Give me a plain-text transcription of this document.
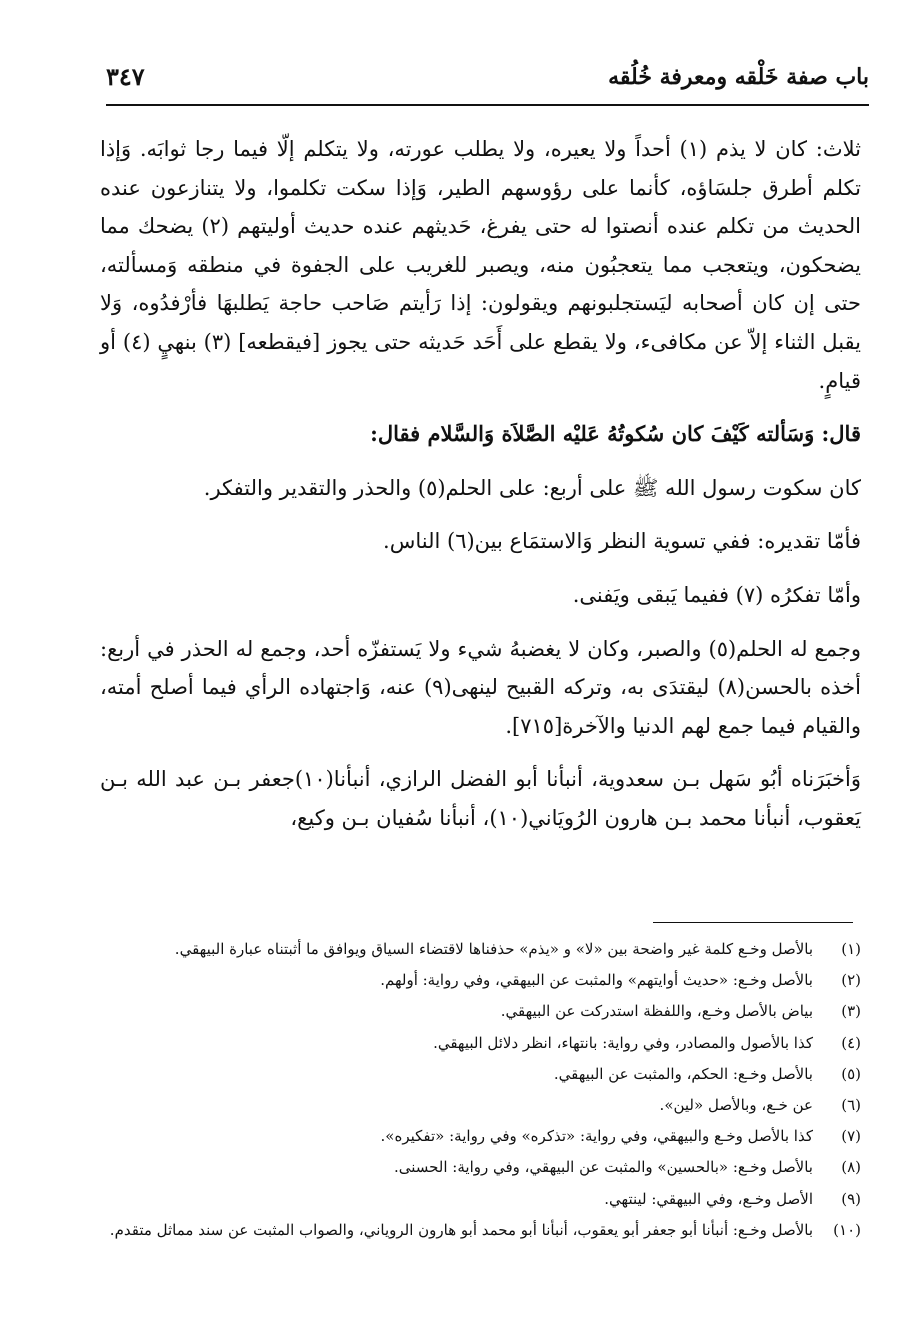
باب صفة خَلْقه ومعرفة خُلُقه
٣٤٧

ثلاث: كان لا يذم (١) أحداً ولا يعيره، ولا يطلب عورته، ولا يتكلم إلّا فيما رجا ثوابَه. وَإذا تكلم أطرق جلسَاؤه، كأنما على رؤوسهم الطير، وَإذا سكت تكلموا، ولا يتنازعون عنده الحديث من تكلم عنده أنصتوا له حتى يفرغ، حَديثهم عنده حديث أوليتهم (٢) يضحك مما يضحكون، ويتعجب مما يتعجبُون منه، ويصبر للغريب على الجفوة في منطقه وَمسألته، حتى إن كان أصحابه ليَستجلبونهم ويقولون: إذا رَأيتم صَاحب حاجة يَطلبهَا فأرْفدُوه، وَلا يقبل الثناء إلاّ عن مكافىء، ولا يقطع على أَحَد حَديثه حتى يجوز [فيقطعه] (٣) بنهيٍ (٤) أو قيامٍ.

قال: وَسَألته كَيْفَ كان سُكوتُهُ عَليْه الصَّلاَة وَالسَّلام فقال:

كان سكوت رسول الله ﷺ على أربع: على الحلم(٥) والحذر والتقدير والتفكر.

فأمّا تقديره: ففي تسوية النظر وَالاستمَاع بين(٦) الناس.

وأمّا تفكرُه (٧) ففيما يَبقى ويَفنى.

وجمع له الحلم(٥) والصبر، وكان لا يغضبهُ شيء ولا يَستفزّه أحد، وجمع له الحذر في أربع: أخذه بالحسن(٨) ليقتدَى به، وتركه القبيح لينهى(٩) عنه، وَاجتهاده الرأي فيما أصلح أمته، والقيام فيما جمع لهم الدنيا والآخرة[٧١٥].

وَأخبَرَناه أبُو سَهل بـن سعدوية، أنبأنا أبو الفضل الرازي، أنبأنا(١٠)جعفر بـن عبد الله بـن يَعقوب، أنبأنا محمد بـن هارون الرُويَاني(١٠)، أنبأنا سُفيان بـن وكيع،

(١)
بالأصل وخـع كلمة غير واضحة بين «لا» و «يذم» حذفناها لاقتضاء السياق ويوافق ما أثبتناه عبارة البيهقي.
(٢)
بالأصل وخـع: «حديث أوايتهم» والمثبت عن البيهقي، وفي رواية: أولهم.
(٣)
بياض بالأصل وخـع، واللفظة استدركت عن البيهقي.
(٤)
كذا بالأصول والمصادر، وفي رواية: بانتهاء، انظر دلائل البيهقي.
(٥)
بالأصل وخـع: الحكم، والمثبت عن البيهقي.
(٦)
عن خـع، وبالأصل «لين».
(٧)
كذا بالأصل وخـع والبيهقي، وفي رواية: «تذكره» وفي رواية: «تفكيره».
(٨)
بالأصل وخـع: «بالحسين» والمثبت عن البيهقي، وفي رواية: الحسنى.
(٩)
الأصل وخـع، وفي البيهقي: لينتهي.
(١٠)
بالأصل وخـع: أنبأنا أبو جعفر أبو يعقوب، أنبأنا أبو محمد أبو هارون الروياني، والصواب المثبت عن سند مماثل متقدم.
